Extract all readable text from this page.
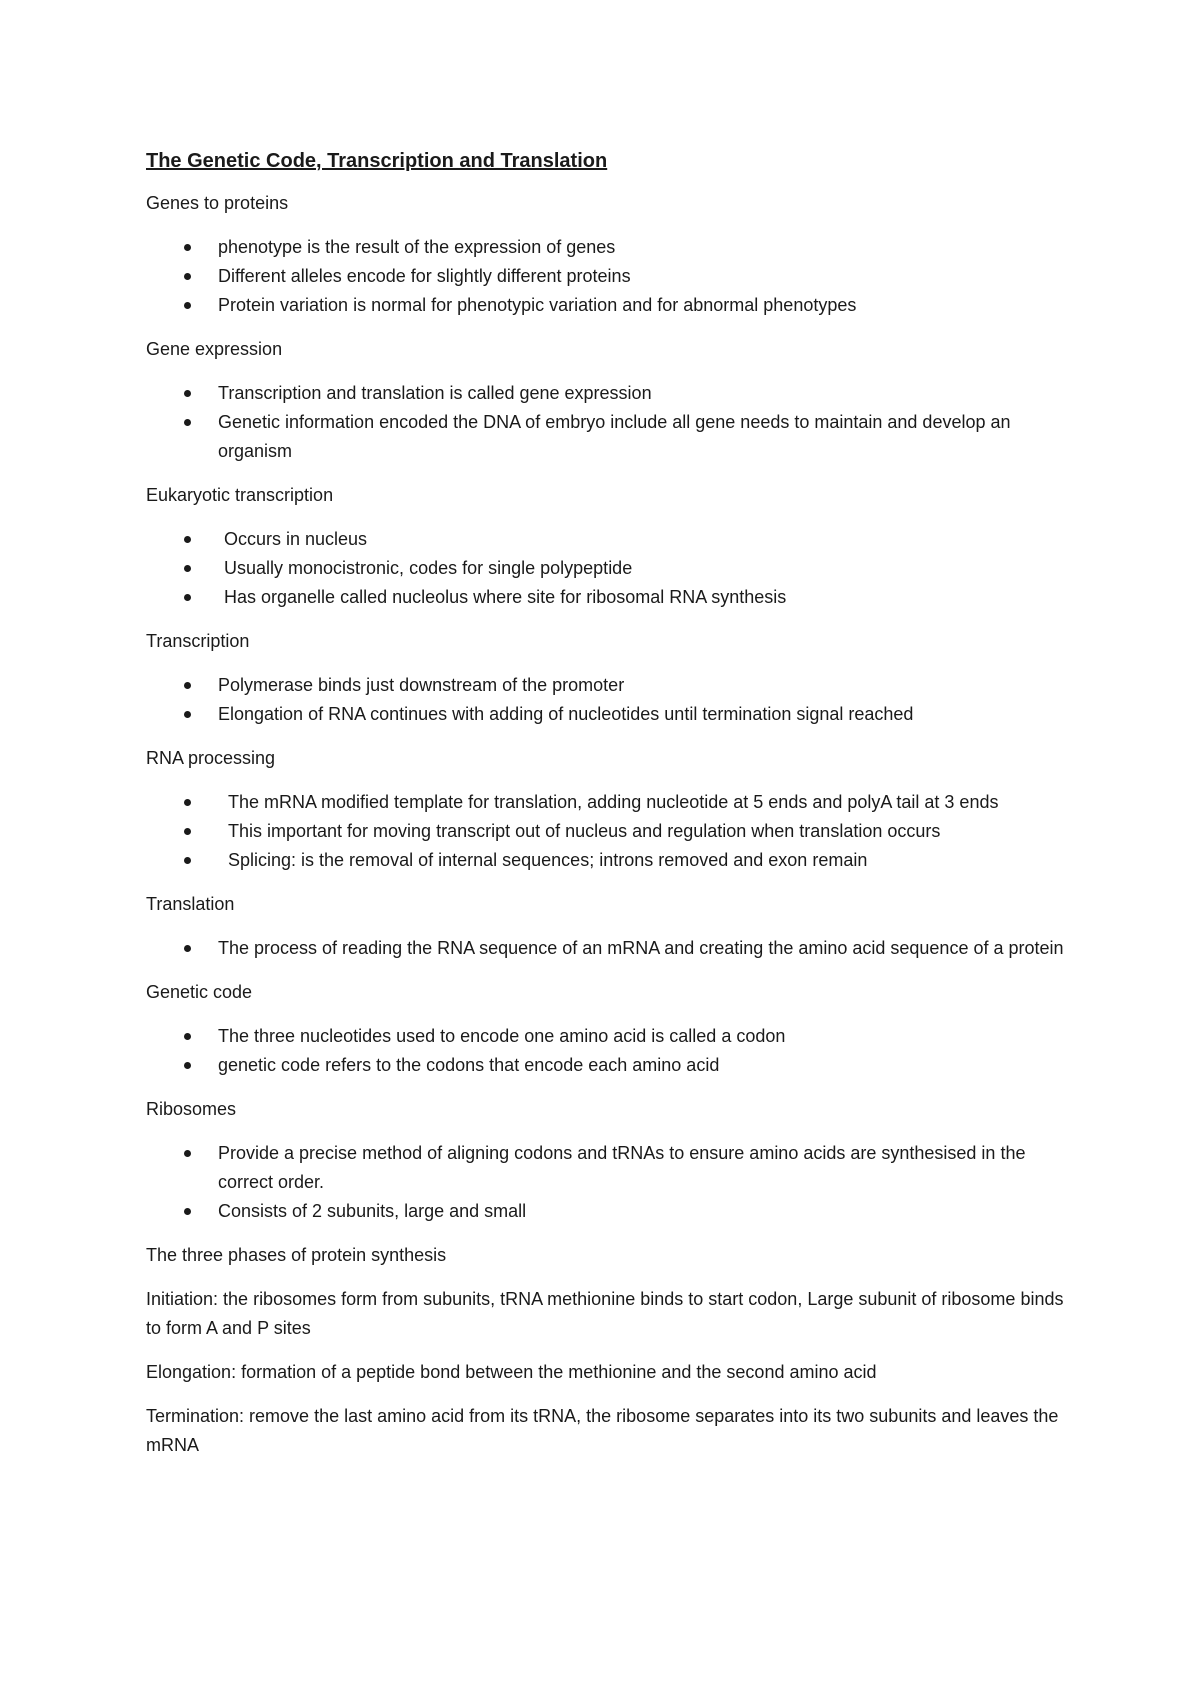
The Genetic Code, Transcription and Translation
Genes to proteins
phenotype is the result of the expression of genes
Different alleles encode for slightly different proteins
Protein variation is normal for phenotypic variation and for abnormal phenotypes
Gene expression
Transcription and translation is called gene expression
Genetic information encoded the DNA of embryo include all gene needs to maintain and develop an organism
Eukaryotic transcription
Occurs in nucleus
Usually monocistronic, codes for single polypeptide
Has organelle called nucleolus where site for ribosomal RNA synthesis
Transcription
Polymerase binds just downstream of the promoter
Elongation of RNA continues with adding of nucleotides until termination signal reached
RNA processing
The mRNA modified template for translation, adding nucleotide at 5 ends and polyA tail at 3 ends
This important for moving transcript out of nucleus and regulation when translation occurs
Splicing: is the removal of internal sequences; introns removed and exon remain
Translation
The process of reading the RNA sequence of an mRNA and creating the amino acid sequence of a protein
Genetic code
The three nucleotides used to encode one amino acid is called a codon
genetic code refers to the codons that encode each amino acid
Ribosomes
Provide a precise method of aligning codons and tRNAs to ensure amino acids are synthesised in the correct order.
Consists of 2 subunits, large and small
The three phases of protein synthesis
Initiation: the ribosomes form from subunits, tRNA methionine binds to start codon, Large subunit of ribosome binds to form A and P sites
Elongation: formation of a peptide bond between the methionine and the second amino acid
Termination: remove the last amino acid from its tRNA, the ribosome separates into its two subunits and leaves the mRNA
